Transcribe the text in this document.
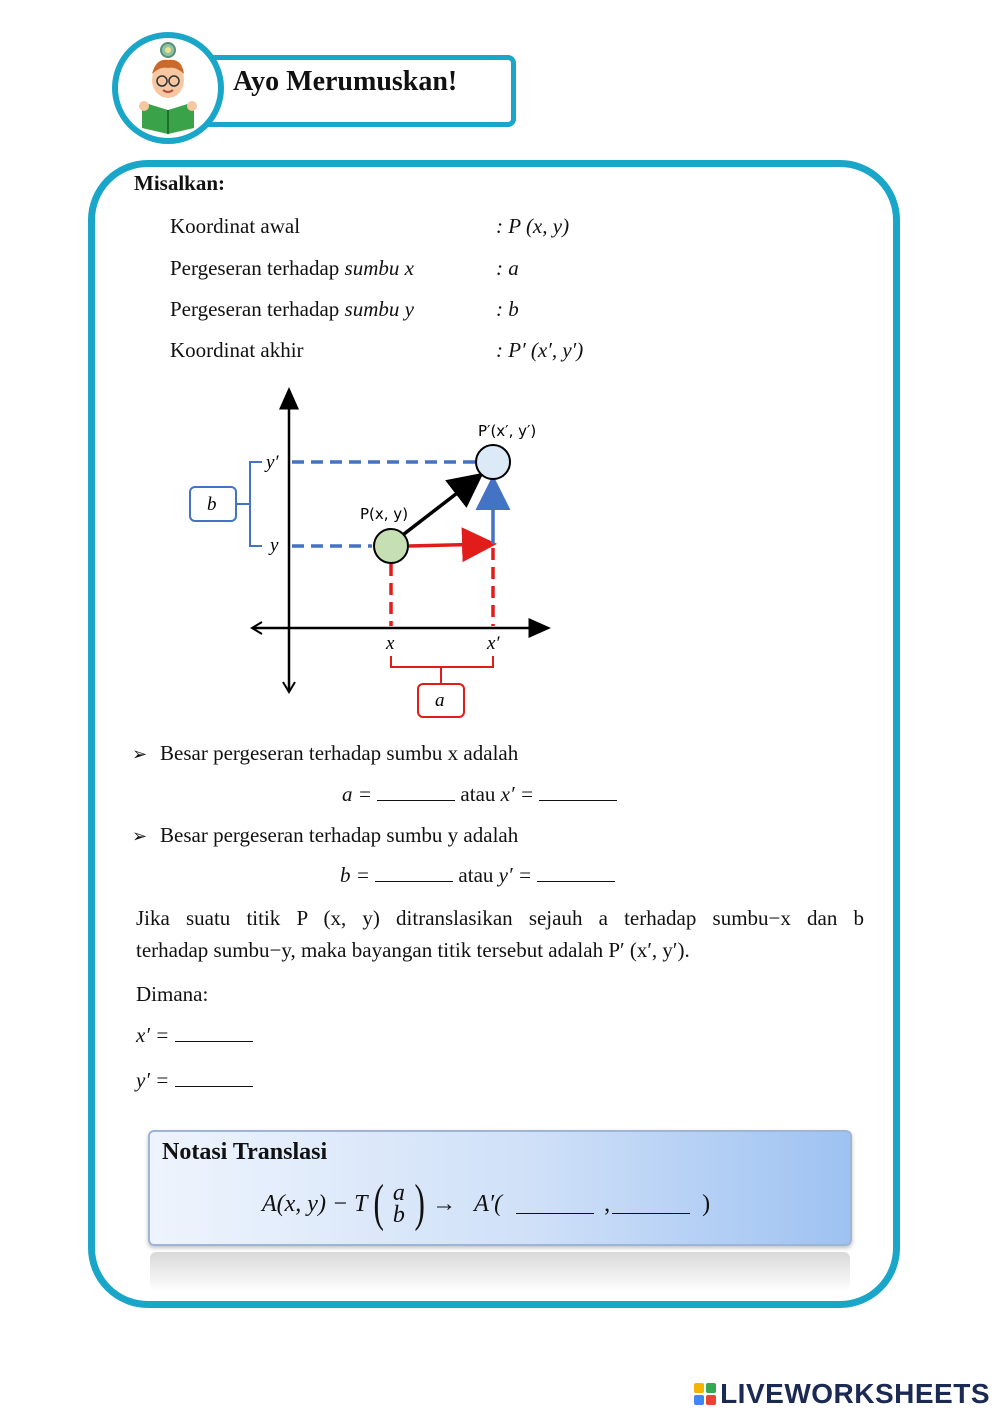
Ayo Merumuskan!
Misalkan:
Koordinat awal	: P (x, y)
Pergeseran terhadap sumbu x	: a
Pergeseran terhadap sumbu y	: b
Koordinat akhir	: P′ (x′, y′)
P(x, y)
P′(x′, y′)
y′
y
x	x′
b
a
➢ Besar pergeseran terhadap sumbu x adalah
a =	atau x′ =
➢ Besar pergeseran terhadap sumbu y adalah
b =	atau y′ =
Jika suatu titik P (x, y) ditranslasikan sejauh a terhadap sumbu−x dan b
terhadap sumbu−y, maka bayangan titik tersebut adalah P′ (x′, y′).
Dimana:
x′ =
y′ =
Notasi Translasi
A(x, y) − T ( a
b ) → A′(	,	)
LIVEWORKSHEETS
